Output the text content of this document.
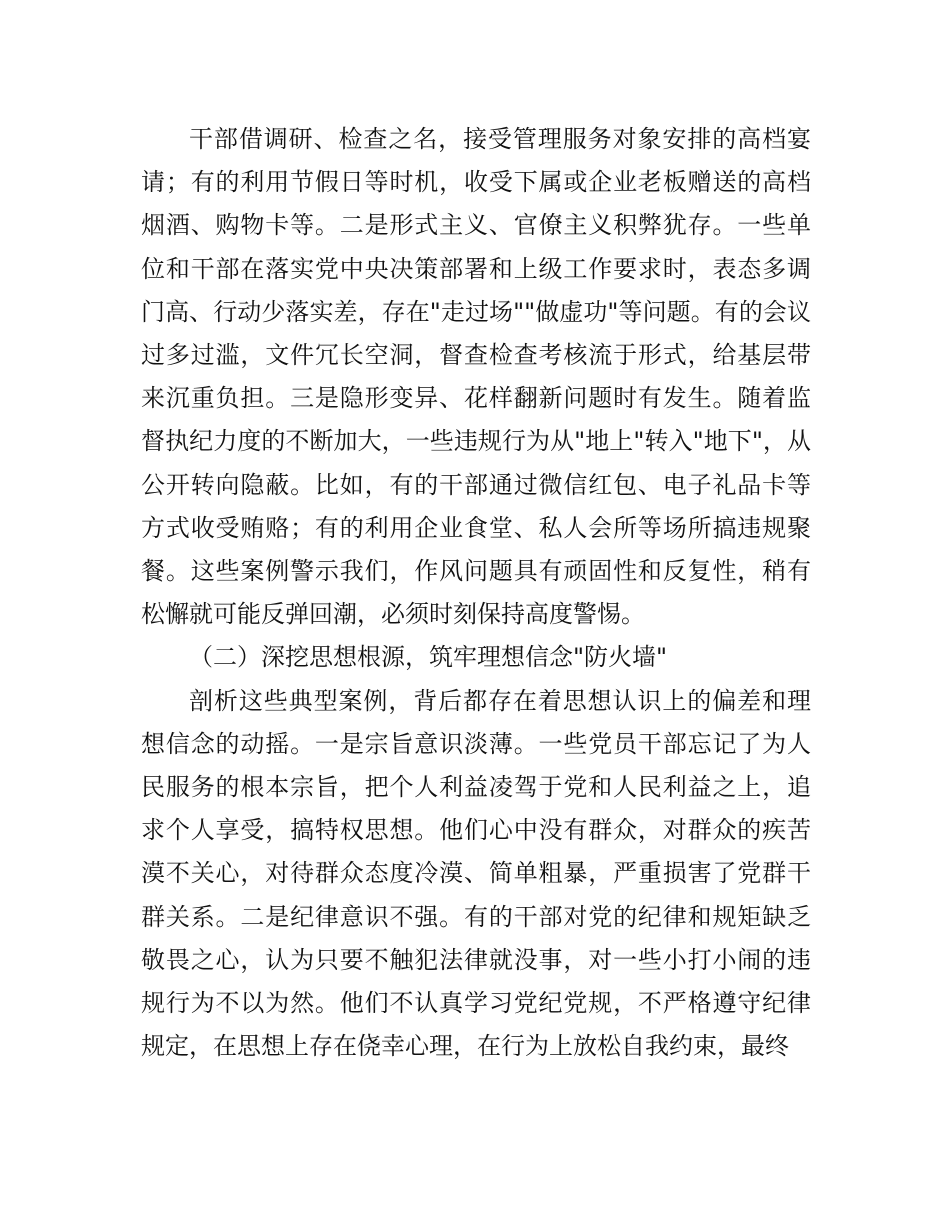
干部借调研、检查之名，接受管理服务对象安排的高档宴请；有的利用节假日等时机，收受下属或企业老板赠送的高档烟酒、购物卡等。二是形式主义、官僚主义积弊犹存。一些单位和干部在落实党中央决策部署和上级工作要求时，表态多调门高、行动少落实差，存在"走过场""做虚功"等问题。有的会议过多过滥，文件冗长空洞，督查检查考核流于形式，给基层带来沉重负担。三是隐形变异、花样翻新问题时有发生。随着监督执纪力度的不断加大，一些违规行为从"地上"转入"地下"，从公开转向隐蔽。比如，有的干部通过微信红包、电子礼品卡等方式收受贿赂；有的利用企业食堂、私人会所等场所搞违规聚餐。这些案例警示我们，作风问题具有顽固性和反复性，稍有松懈就可能反弹回潮，必须时刻保持高度警惕。

（二）深挖思想根源，筑牢理想信念"防火墙"

剖析这些典型案例，背后都存在着思想认识上的偏差和理想信念的动摇。一是宗旨意识淡薄。一些党员干部忘记了为人民服务的根本宗旨，把个人利益凌驾于党和人民利益之上，追求个人享受，搞特权思想。他们心中没有群众，对群众的疾苦漠不关心，对待群众态度冷漠、简单粗暴，严重损害了党群干群关系。二是纪律意识不强。有的干部对党的纪律和规矩缺乏敬畏之心，认为只要不触犯法律就没事，对一些小打小闹的违规行为不以为然。他们不认真学习党纪党规，不严格遵守纪律规定，在思想上存在侥幸心理，在行为上放松自我约束，最终
